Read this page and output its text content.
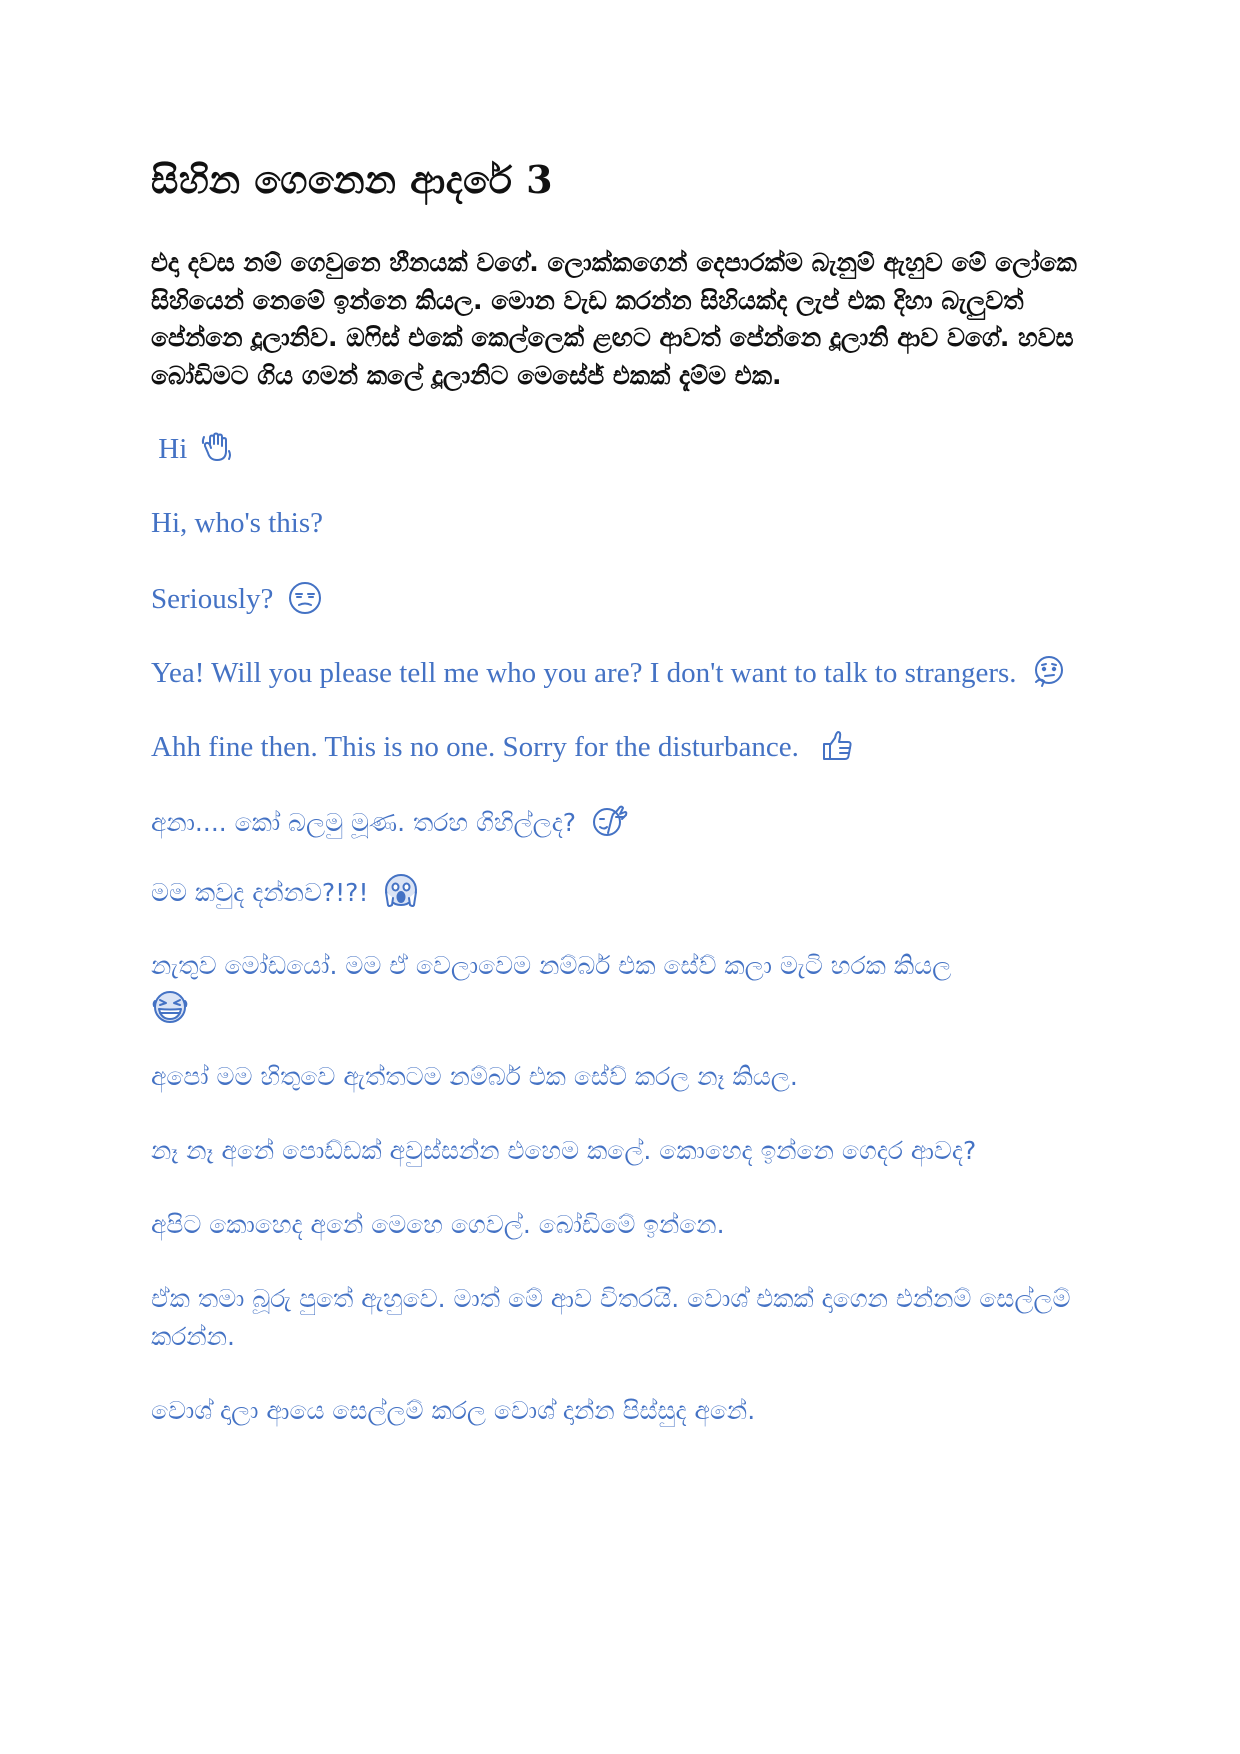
සිහින ගෙනෙන ආදරේ 3

එදා දවස නම් ගෙවුනෙ හීනයක් වගේ. ලොක්කගෙන් දෙපාරක්ම බැනුම් ඇහුව මේ ලෝකෙ සිහියෙන් නෙමේ ඉන්නෙ කියල. මොන වැඩ කරන්න සිහියක්ද ලැප් එක දිහා බැලුවත් පේන්නෙ දූලානිව. ඔෆිස් එකේ කෙල්ලෙක් ළඟට ආවත් පේන්නෙ දූලානි ආව වගේ. හවස බෝඩිමට ගිය ගමන් කලේ දූලානිට මෙසේජ් එකක් දැම්ම එක.

Hi

Hi, who's this?

Seriously?

Yea! Will you please tell me who you are? I don't want to talk to strangers.

Ahh fine then. This is no one. Sorry for the disturbance.

අනා.... කෝ බලමු මූණ. තරහ ගිහිල්ලද?

මම කවුද දන්නව?!?!

නැතුව මෝඩයෝ. මම ඒ වෙලාවෙම නම්බර් එක සේව් කලා මැටි හරක කියල

අපෝ මම හිතුවෙ ඇත්තටම නම්බර් එක සේව් කරල නෑ කියල.

නෑ නෑ අනේ පොඩ්ඩක් අවුස්සන්න එහෙම කලේ. කොහෙද ඉන්නෙ ගෙදර ආවද?

අපිට කොහෙද අනේ මෙහෙ ගෙවල්. බෝඩිමේ ඉන්නෙ.

ඒක තමා බූරු පුතේ ඇහුවෙ. මාත් මේ ආව විතරයි. වොශ් එකක් දාගෙන එන්නම් සෙල්ලම් කරන්න.

වොශ් දාලා ආයෙ සෙල්ලම් කරල වොශ් දාන්න පිස්සුද අනේ.
